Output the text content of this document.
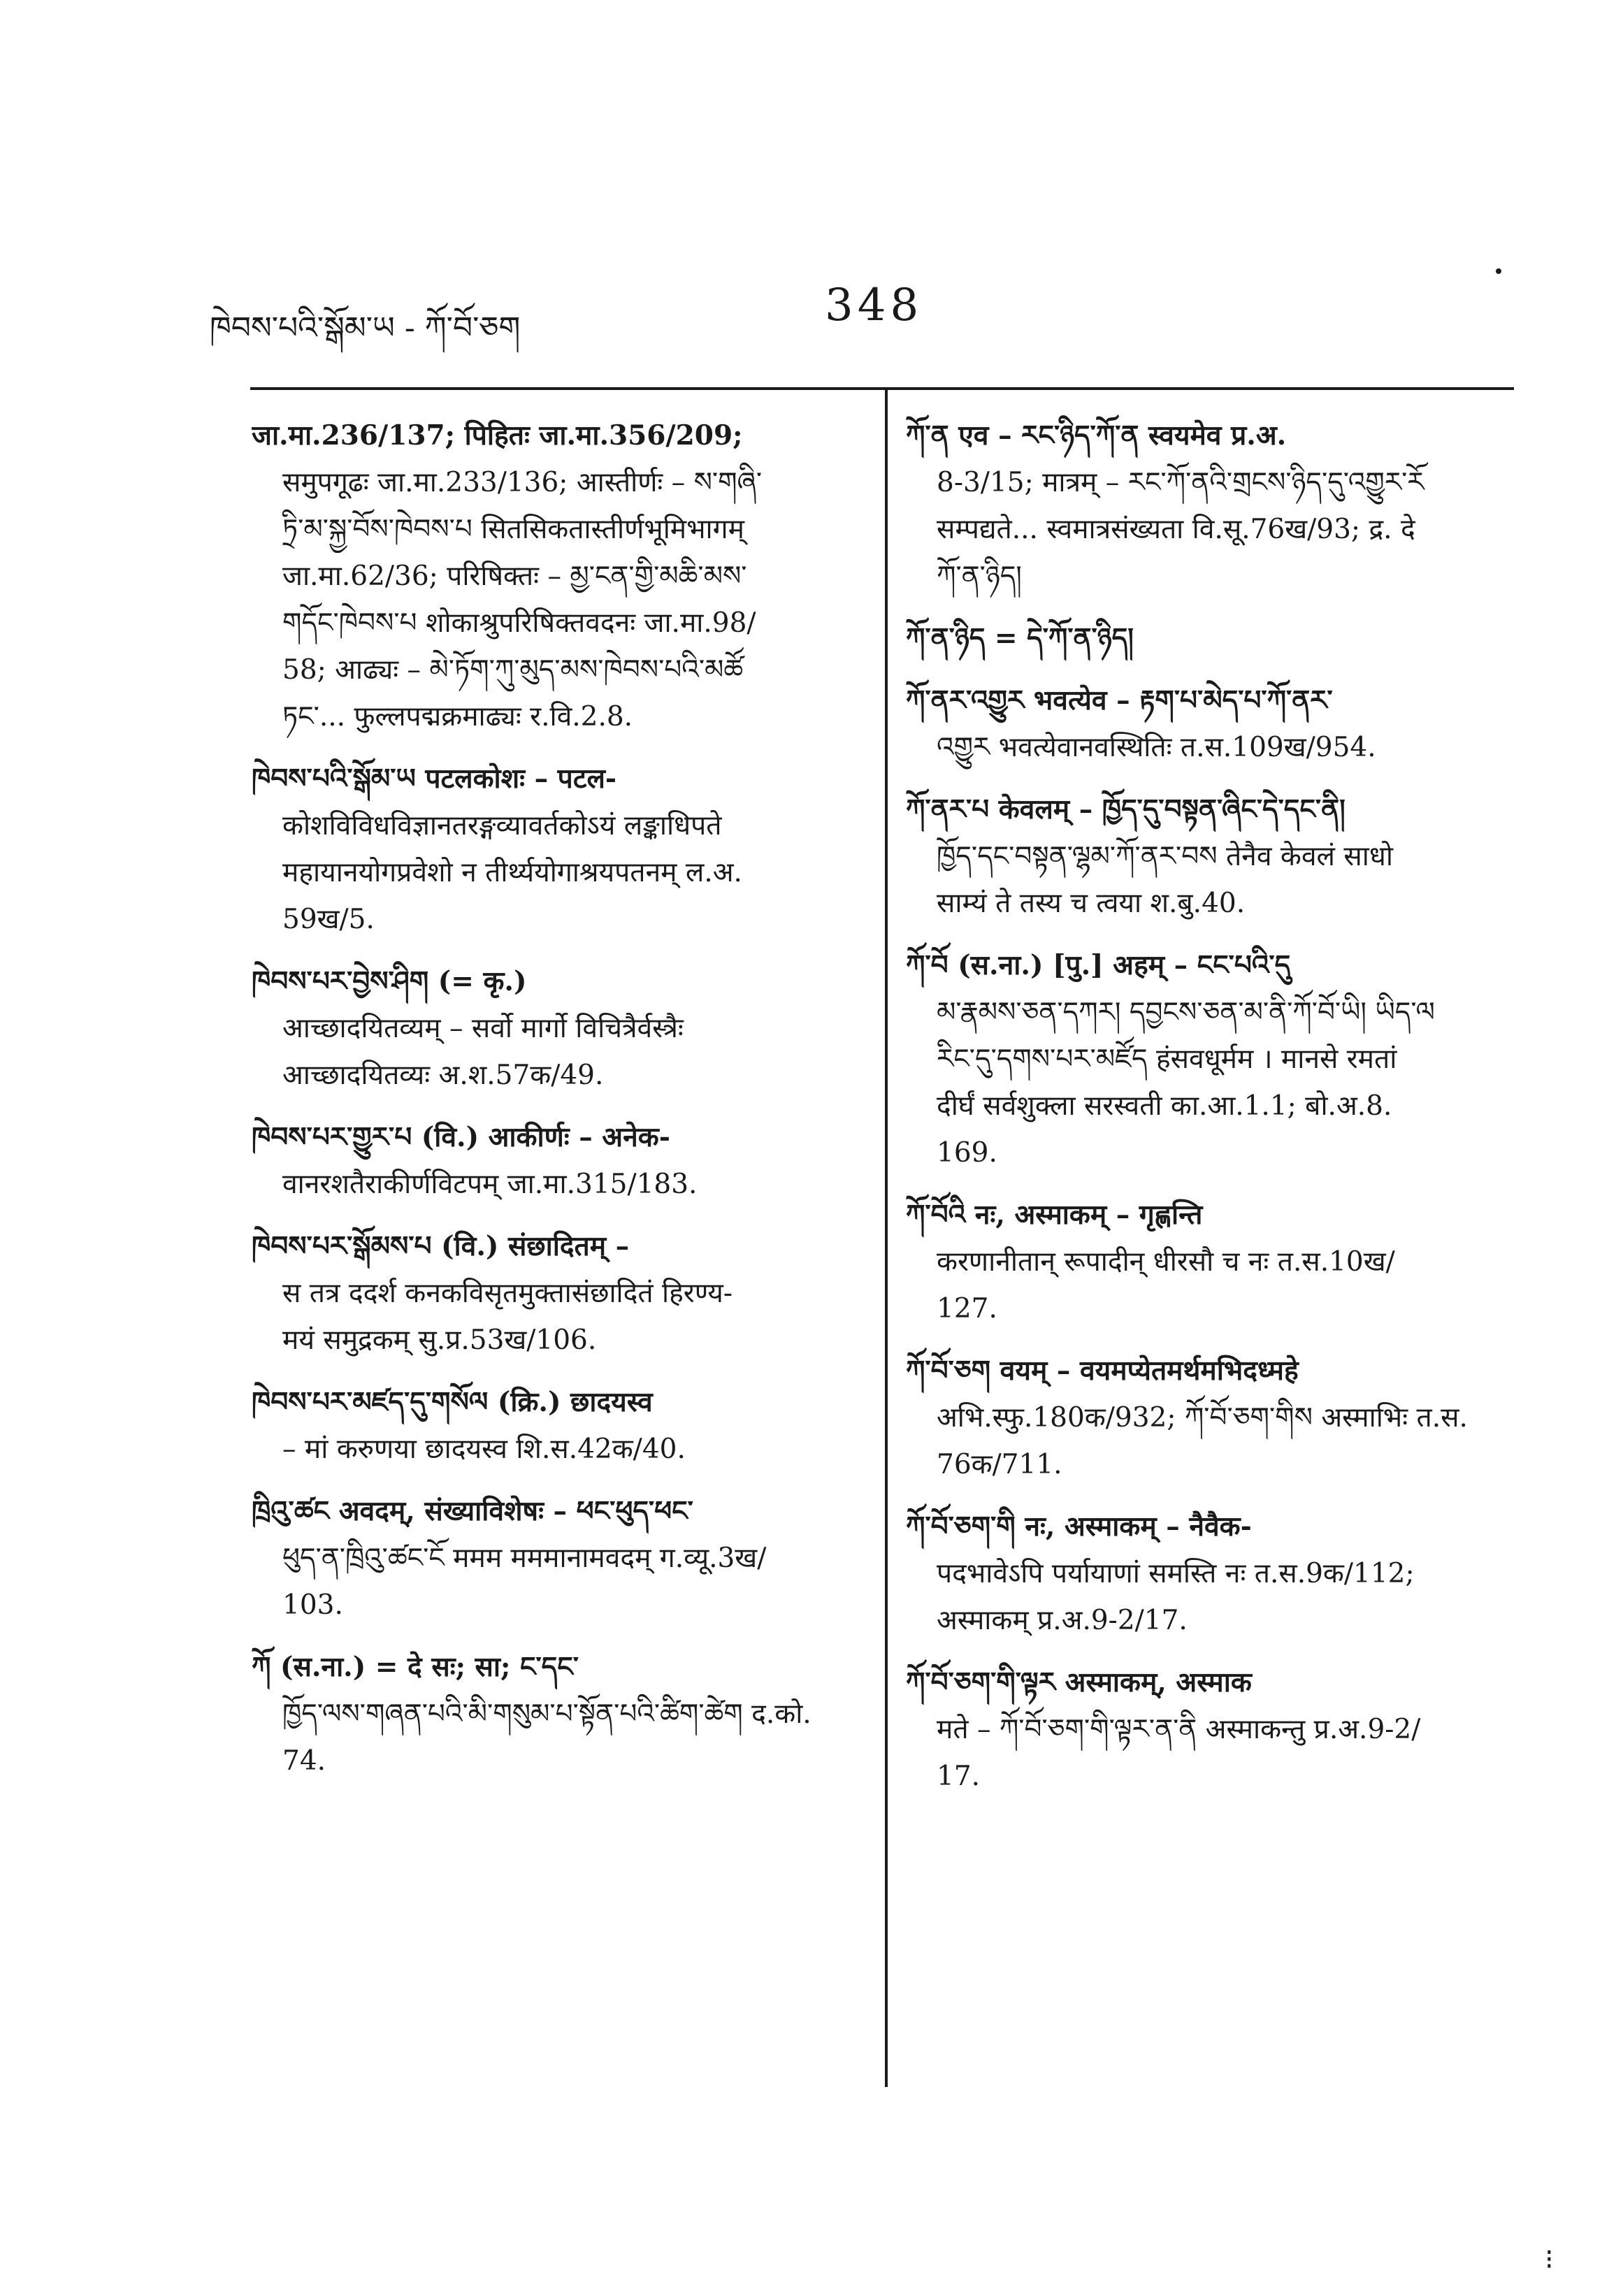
ཁེབས་པའི་སྒོམ་ཡ - ཀོ་བོ་ཅག	348
जा.मा.236/137; पिहितः जा.मा.356/209;
समुपगूढः जा.मा.233/136; आस्तीर्णः – ས་གཞི་
ཏྲི་མ་སྐྱ་བོས་ཁེབས་པ सितसिकतास्तीर्णभूमिभागम्
जा.मा.62/36; परिषिक्तः – མྱ་ངན་གྱི་མཆི་མས་
གདོང་ཁེབས་པ शोकाश्रुपरिषिक्तवदनः जा.मा.98/
58; आढ्यः – མེ་ཏོག་ཀུ་མུད་མས་ཁེབས་པའི་མཚོ
ཏང་... फुल्लपद्मक्रमाढ्यः र.वि.2.8.
ཁེབས་པའི་སྒོམ་ཡ पटलकोशः – पटल-
कोशविविधविज्ञानतरङ्गव्यावर्तकोऽयं लङ्काधिपते
महायानयोगप्रवेशो न तीर्थ्ययोगाश्रयपतनम् ल.अ.
59ख/5.
ཁེབས་པར་བྱེས་ཤིག (= कृ.)
आच्छादयितव्यम् – सर्वो मार्गो विचित्रैर्वस्त्रैः
आच्छादयितव्यः अ.श.57क/49.
ཁེབས་པར་གྱུར་པ (वि.) आकीर्णः – अनेक-
वानरशतैराकीर्णविटपम् जा.मा.315/183.
ཁེབས་པར་སྒོམས་པ (वि.) संछादितम् –
स तत्र ददर्श कनकविसृतमुक्तासंछादितं हिरण्य-
मयं समुद्रकम् सु.प्र.53ख/106.
ཁེབས་པར་མཛད་དུ་གསོལ (क्रि.) छादयस्व
– मां करुणया छादयस्व शि.स.42क/40.
ཁྲིའུ་ཚང अवदम्, संख्याविशेषः – ཕང་ཕུད་ཕང་
ཕུད་ན་ཁྲིའུ་ཚང་ངོ ममम मममानामवदम् ग.व्यू.3ख/
103.
ཀོ (स.ना.) = दे सः; सा; ང་དང་
ཁྱོད་ལས་གཞན་པའི་མི་གསུམ་པ་སྟོན་པའི་ཚིག་ཚེག द.को.
74.
ཀོ་ན एव – རང་ཉིད་ཀོ་ན स्वयमेव प्र.अ.
8-3/15; मात्रम् – རང་ཀོ་ནའི་གྲངས་ཉིད་དུ་འགྱུར་རོ
सम्पद्यते... स्वमात्रसंख्यता वि.सू.76ख/93; द्र. दे
ཀོ་ན་ཉིད།
ཀོ་ན་ཉིད = དེ་ཀོ་ན་ཉིད།
ཀོ་ནར་འགྱུར भवत्येव – རྟག་པ་མེད་པ་ཀོ་ནར་
འགྱུར भवत्येवानवस्थितिः त.स.109ख/954.
ཀོ་ནར་པ केवलम् – ཁྱོད་དུ་བསྟན་ཞིང་དེ་དང་ནི།
ཁྱོད་དང་བསྟན་ལྷམ་ཀོ་ནར་བས तेनैव केवलं साधो
साम्यं ते तस्य च त्वया श.बु.40.
ཀོ་བོ (स.ना.) [पु.] अहम् – ངང་པའི་དུ
མ་རྣམས་ཅན་དཀར། དབྱངས་ཅན་མ་ནི་ཀོ་བོ་ཡི། ཡིད་ལ
རིང་དུ་དགས་པར་མཛོད हंसवधूर्मम । मानसे रमतां
दीर्घं सर्वशुक्ला सरस्वती का.आ.1.1; बो.अ.8.
169.
ཀོ་བོའི नः, अस्माकम् – गृह्णन्ति
करणानीतान् रूपादीन् धीरसौ च नः त.स.10ख/
127.
ཀོ་བོ་ཅག वयम् – वयमप्येतमर्थमभिदध्महे
अभि.स्फु.180क/932; ཀོ་བོ་ཅག་གིས अस्माभिः त.स.
76क/711.
ཀོ་བོ་ཅག་གི नः, अस्माकम् – नैवैक-
पदभावेऽपि पर्यायाणां समस्ति नः त.स.9क/112;
अस्माकम् प्र.अ.9-2/17.
ཀོ་བོ་ཅག་གི་ལྟར अस्माकम्, अस्माक
मते – ཀོ་བོ་ཅག་གི་ལྟར་ན་ནི अस्माकन्तु प्र.अ.9-2/
17.
⁝
